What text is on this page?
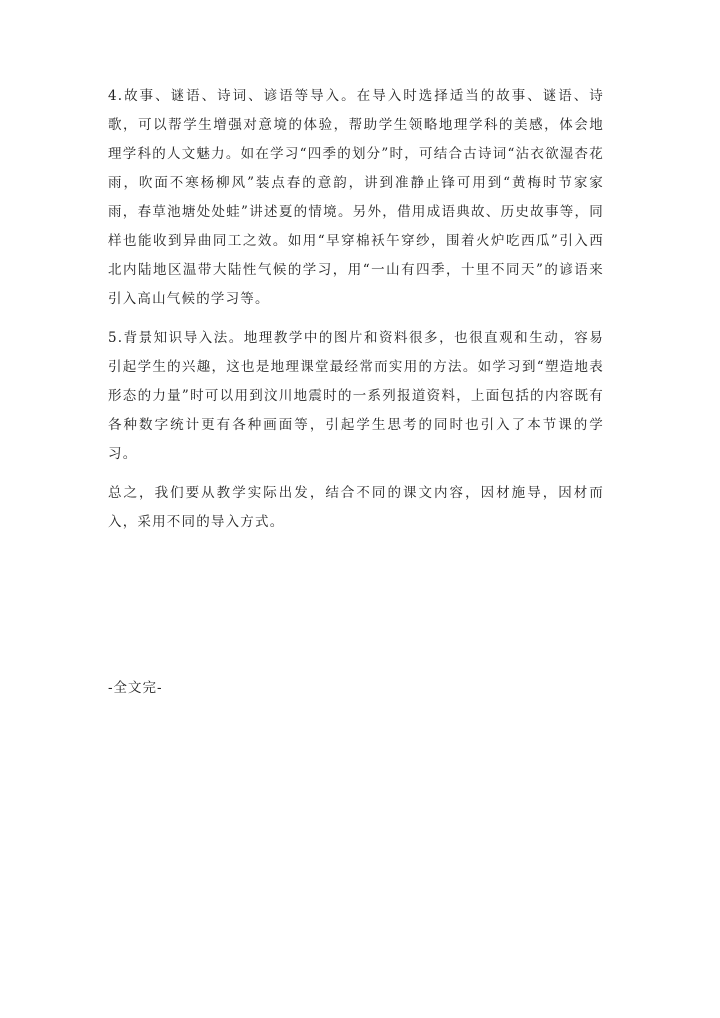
4.故事、谜语、诗词、谚语等导入。在导入时选择适当的故事、谜语、诗歌，可以帮学生增强对意境的体验，帮助学生领略地理学科的美感，体会地理学科的人文魅力。如在学习“四季的划分”时，可结合古诗词“沾衣欲湿杏花雨，吹面不寒杨柳风”装点春的意韵，讲到准静止锋可用到“黄梅时节家家雨，春草池塘处处蛙”讲述夏的情境。另外，借用成语典故、历史故事等，同样也能收到异曲同工之效。如用“早穿棉袄午穿纱，围着火炉吃西瓜”引入西北内陆地区温带大陆性气候的学习，用“一山有四季，十里不同天”的谚语来引入高山气候的学习等。

5.背景知识导入法。地理教学中的图片和资料很多，也很直观和生动，容易引起学生的兴趣，这也是地理课堂最经常而实用的方法。如学习到“塑造地表形态的力量”时可以用到汶川地震时的一系列报道资料，上面包括的内容既有各种数字统计更有各种画面等，引起学生思考的同时也引入了本节课的学习。

总之，我们要从教学实际出发，结合不同的课文内容，因材施导，因材而入，采用不同的导入方式。

-全文完-
